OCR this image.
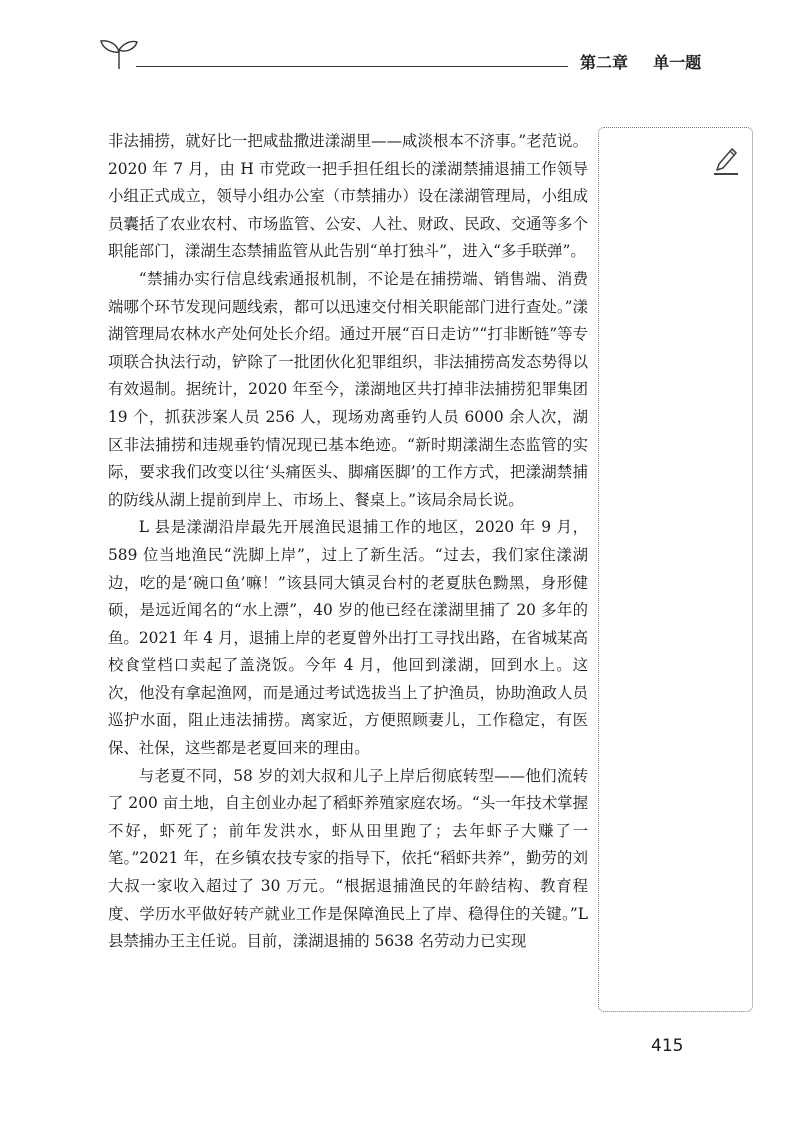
第二章 单一题

非法捕捞，就好比一把咸盐撒进漾湖里——咸淡根本不济事。”老范说。2020 年 7 月，由 H 市党政一把手担任组长的漾湖禁捕退捕工作领导小组正式成立，领导小组办公室（市禁捕办）设在漾湖管理局，小组成员囊括了农业农村、市场监管、公安、人社、财政、民政、交通等多个职能部门，漾湖生态禁捕监管从此告别“单打独斗”，进入“多手联弹”。

“禁捕办实行信息线索通报机制，不论是在捕捞端、销售端、消费端哪个环节发现问题线索，都可以迅速交付相关职能部门进行查处。”漾湖管理局农林水产处何处长介绍。通过开展“百日走访”“打非断链”等专项联合执法行动，铲除了一批团伙化犯罪组织，非法捕捞高发态势得以有效遏制。据统计，2020 年至今，漾湖地区共打掉非法捕捞犯罪集团 19 个，抓获涉案人员 256 人，现场劝离垂钓人员 6000 余人次，湖区非法捕捞和违规垂钓情况现已基本绝迹。“新时期漾湖生态监管的实际，要求我们改变以往‘头痛医头、脚痛医脚’的工作方式，把漾湖禁捕的防线从湖上提前到岸上、市场上、餐桌上。”该局余局长说。

L 县是漾湖沿岸最先开展渔民退捕工作的地区，2020 年 9 月，589 位当地渔民“洗脚上岸”，过上了新生活。“过去，我们家住漾湖边，吃的是‘碗口鱼’嘛！”该县同大镇灵台村的老夏肤色黝黑，身形健硕，是远近闻名的“水上漂”，40 岁的他已经在漾湖里捕了 20 多年的鱼。2021 年 4 月，退捕上岸的老夏曾外出打工寻找出路，在省城某高校食堂档口卖起了盖浇饭。今年 4 月，他回到漾湖，回到水上。这次，他没有拿起渔网，而是通过考试选拔当上了护渔员，协助渔政人员巡护水面，阻止违法捕捞。离家近，方便照顾妻儿，工作稳定，有医保、社保，这些都是老夏回来的理由。

与老夏不同，58 岁的刘大叔和儿子上岸后彻底转型——他们流转了 200 亩土地，自主创业办起了稻虾养殖家庭农场。“头一年技术掌握不好，虾死了；前年发洪水，虾从田里跑了；去年虾子大赚了一笔。”2021 年，在乡镇农技专家的指导下，依托“稻虾共养”，勤劳的刘大叔一家收入超过了 30 万元。“根据退捕渔民的年龄结构、教育程度、学历水平做好转产就业工作是保障渔民上了岸、稳得住的关键。”L 县禁捕办王主任说。目前，漾湖退捕的 5638 名劳动力已实现

415
